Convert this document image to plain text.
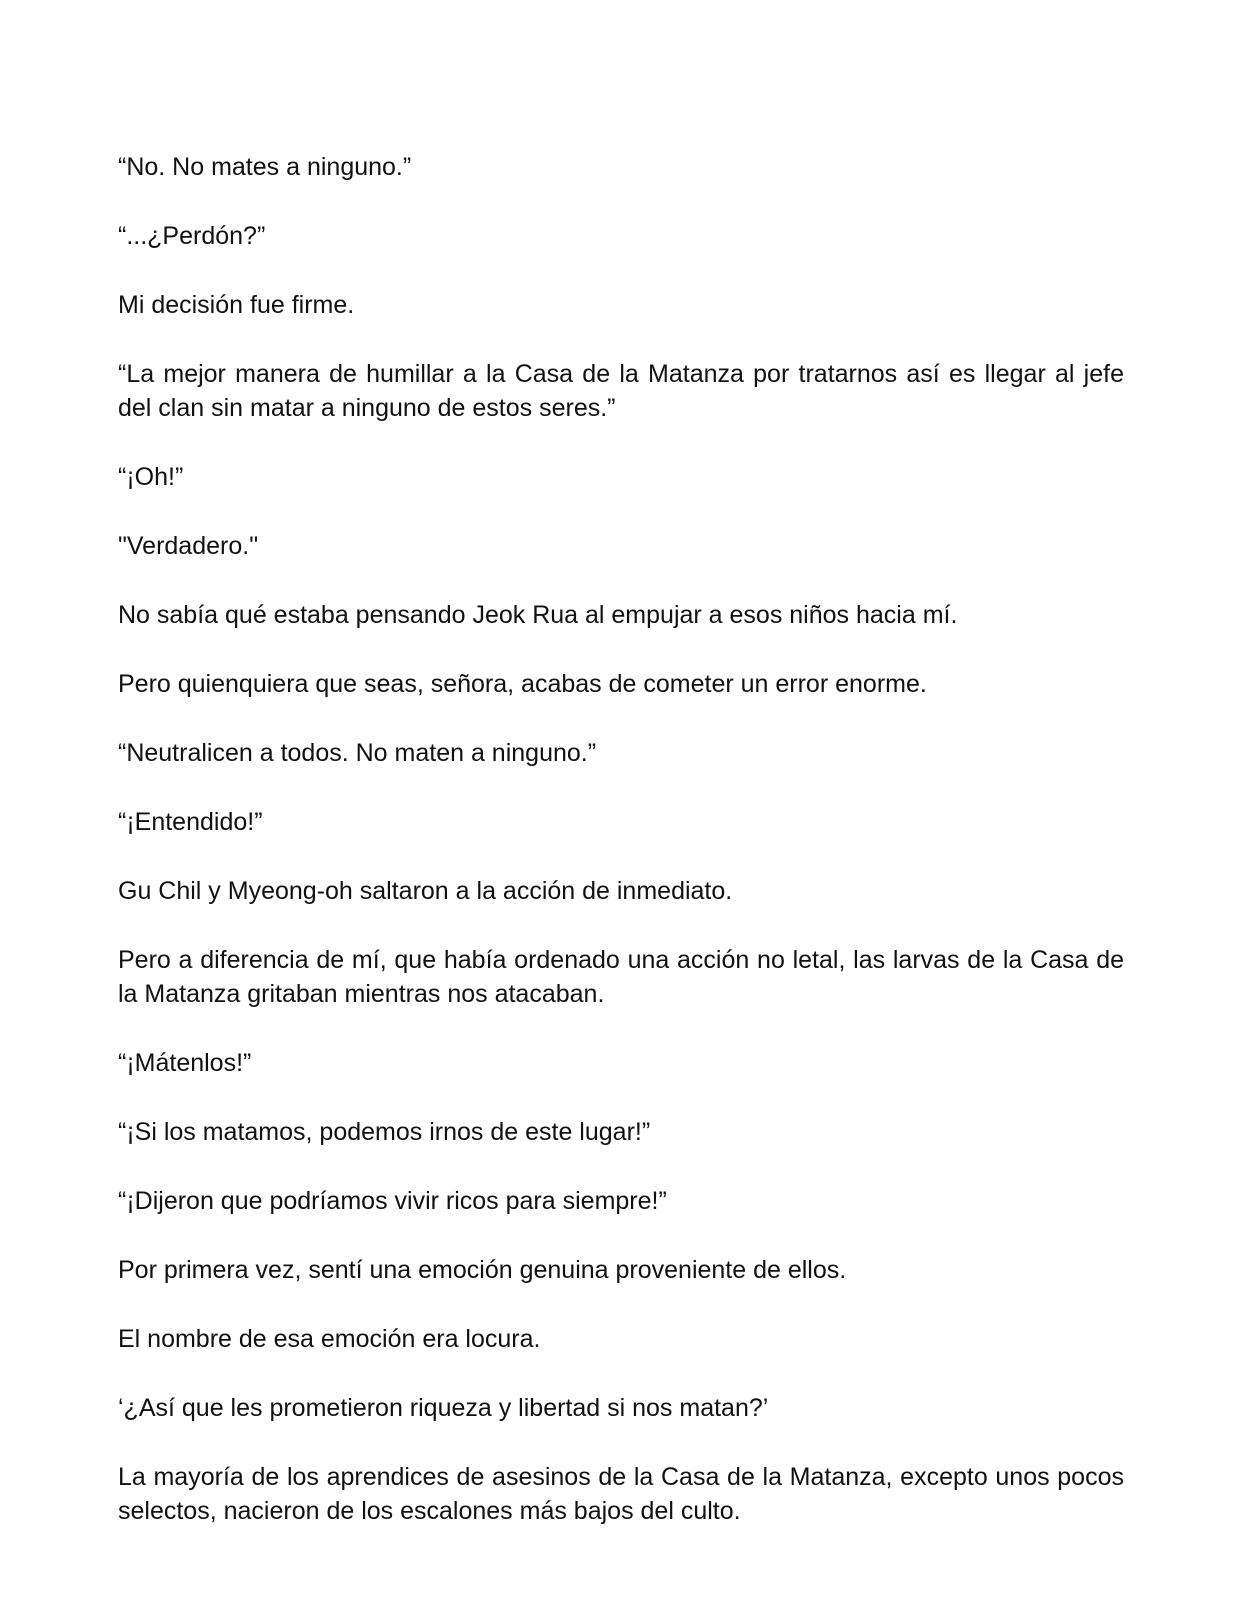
“No. No mates a ninguno.”

“...¿Perdón?”

Mi decisión fue firme.

“La mejor manera de humillar a la Casa de la Matanza por tratarnos así es llegar al jefe del clan sin matar a ninguno de estos seres.”

“¡Oh!”

"Verdadero."

No sabía qué estaba pensando Jeok Rua al empujar a esos niños hacia mí.

Pero quienquiera que seas, señora, acabas de cometer un error enorme.

“Neutralicen a todos. No maten a ninguno.”

“¡Entendido!”

Gu Chil y Myeong-oh saltaron a la acción de inmediato.

Pero a diferencia de mí, que había ordenado una acción no letal, las larvas de la Casa de la Matanza gritaban mientras nos atacaban.

“¡Mátenlos!”

“¡Si los matamos, podemos irnos de este lugar!”

“¡Dijeron que podríamos vivir ricos para siempre!”

Por primera vez, sentí una emoción genuina proveniente de ellos.

El nombre de esa emoción era locura.

‘¿Así que les prometieron riqueza y libertad si nos matan?’

La mayoría de los aprendices de asesinos de la Casa de la Matanza, excepto unos pocos selectos, nacieron de los escalones más bajos del culto.
